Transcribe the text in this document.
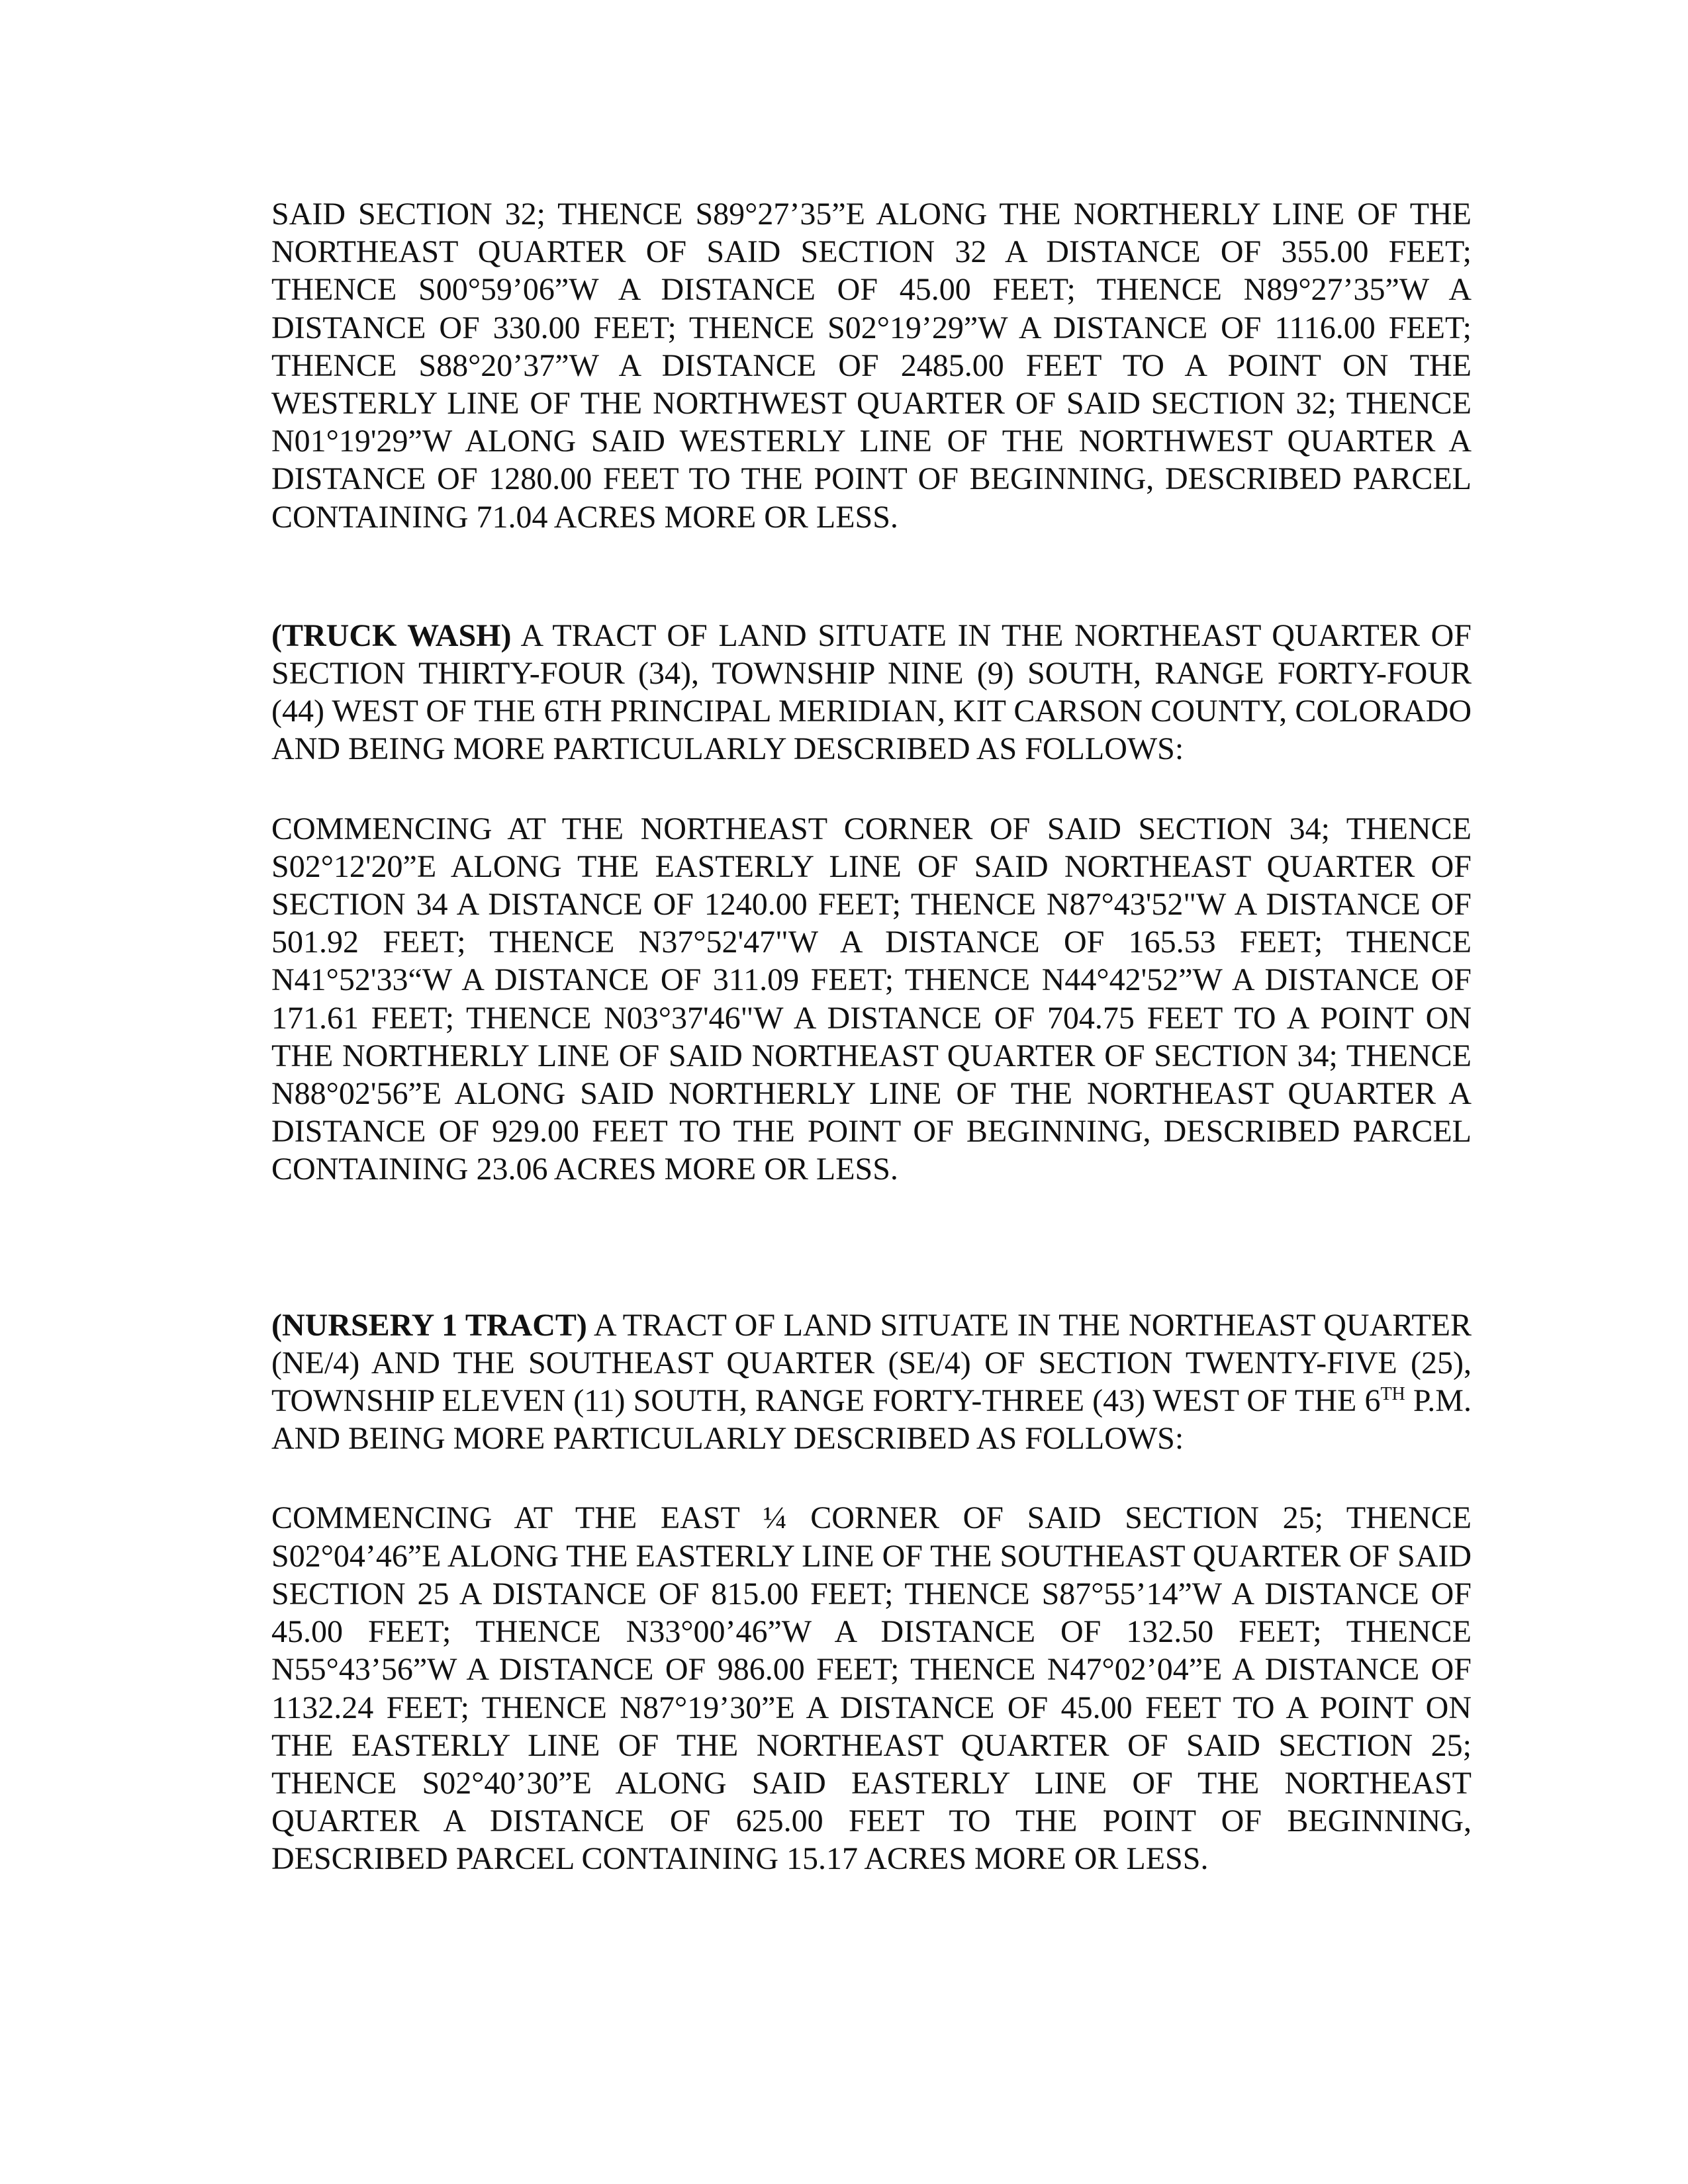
SAID SECTION 32; THENCE S89°27’35”E ALONG THE NORTHERLY LINE OF THE NORTHEAST QUARTER OF SAID SECTION 32 A DISTANCE OF 355.00 FEET; THENCE S00°59’06”W A DISTANCE OF 45.00 FEET; THENCE N89°27’35”W A DISTANCE OF 330.00 FEET; THENCE S02°19’29”W A DISTANCE OF 1116.00 FEET; THENCE S88°20’37”W A DISTANCE OF 2485.00 FEET TO A POINT ON THE WESTERLY LINE OF THE NORTHWEST QUARTER OF SAID SECTION 32; THENCE N01°19'29”W ALONG SAID WESTERLY LINE OF THE NORTHWEST QUARTER A DISTANCE OF 1280.00 FEET TO THE POINT OF BEGINNING, DESCRIBED PARCEL CONTAINING 71.04 ACRES MORE OR LESS.

(TRUCK WASH) A TRACT OF LAND SITUATE IN THE NORTHEAST QUARTER OF SECTION THIRTY-FOUR (34), TOWNSHIP NINE (9) SOUTH, RANGE FORTY-FOUR (44) WEST OF THE 6TH PRINCIPAL MERIDIAN, KIT CARSON COUNTY, COLORADO AND BEING MORE PARTICULARLY DESCRIBED AS FOLLOWS:

COMMENCING AT THE NORTHEAST CORNER OF SAID SECTION 34; THENCE S02°12'20”E ALONG THE EASTERLY LINE OF SAID NORTHEAST QUARTER OF SECTION 34 A DISTANCE OF 1240.00 FEET; THENCE N87°43'52"W A DISTANCE OF 501.92 FEET; THENCE N37°52'47"W A DISTANCE OF 165.53 FEET; THENCE N41°52'33“W A DISTANCE OF 311.09 FEET; THENCE N44°42'52”W A DISTANCE OF 171.61 FEET; THENCE N03°37'46"W A DISTANCE OF 704.75 FEET TO A POINT ON THE NORTHERLY LINE OF SAID NORTHEAST QUARTER OF SECTION 34; THENCE N88°02'56”E ALONG SAID NORTHERLY LINE OF THE NORTHEAST QUARTER A DISTANCE OF 929.00 FEET TO THE POINT OF BEGINNING, DESCRIBED PARCEL CONTAINING 23.06 ACRES MORE OR LESS.

(NURSERY 1 TRACT) A TRACT OF LAND SITUATE IN THE NORTHEAST QUARTER (NE/4) AND THE SOUTHEAST QUARTER (SE/4) OF SECTION TWENTY-FIVE (25), TOWNSHIP ELEVEN (11) SOUTH, RANGE FORTY-THREE (43) WEST OF THE 6TH P.M. AND BEING MORE PARTICULARLY DESCRIBED AS FOLLOWS:

COMMENCING AT THE EAST ¼ CORNER OF SAID SECTION 25; THENCE S02°04’46”E ALONG THE EASTERLY LINE OF THE SOUTHEAST QUARTER OF SAID SECTION 25 A DISTANCE OF 815.00 FEET; THENCE S87°55’14”W A DISTANCE OF 45.00 FEET; THENCE N33°00’46”W A DISTANCE OF 132.50 FEET; THENCE N55°43’56”W A DISTANCE OF 986.00 FEET; THENCE N47°02’04”E A DISTANCE OF 1132.24 FEET; THENCE N87°19’30”E A DISTANCE OF 45.00 FEET TO A POINT ON THE EASTERLY LINE OF THE NORTHEAST QUARTER OF SAID SECTION 25; THENCE S02°40’30”E ALONG SAID EASTERLY LINE OF THE NORTHEAST QUARTER A DISTANCE OF 625.00 FEET TO THE POINT OF BEGINNING, DESCRIBED PARCEL CONTAINING 15.17 ACRES MORE OR LESS.
